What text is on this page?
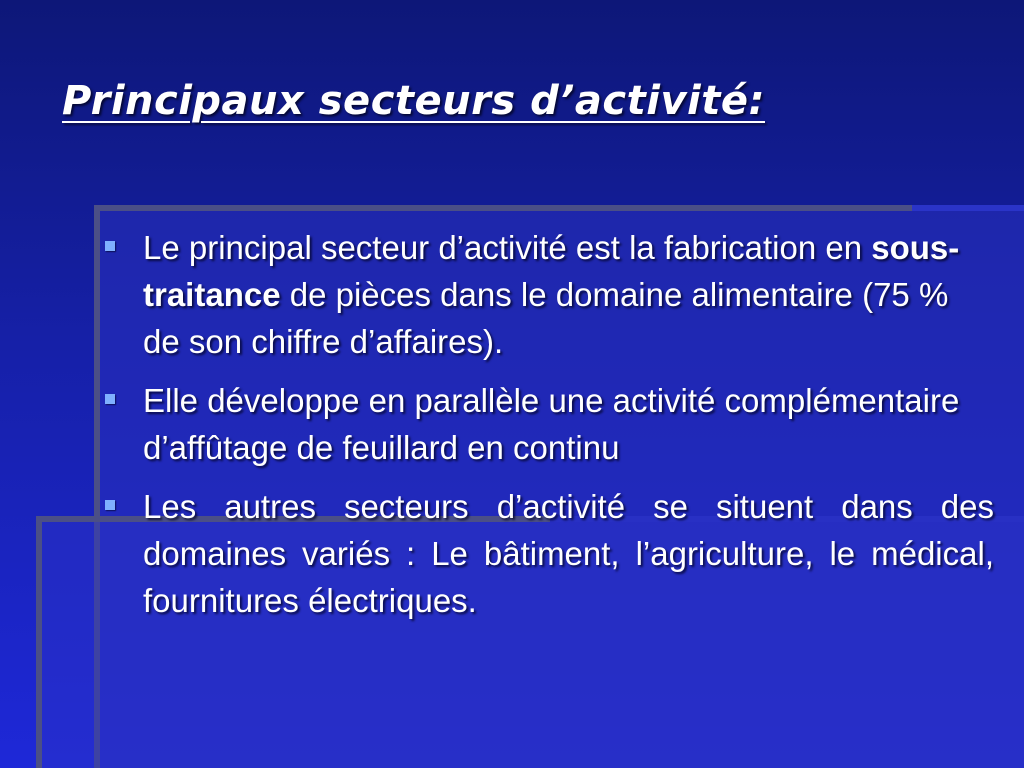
Principaux secteurs d’activité:
Le principal secteur d’activité est la fabrication en sous-traitance de pièces dans le domaine alimentaire (75 % de son chiffre d’affaires).
Elle développe en parallèle une activité complémentaire d’affûtage de feuillard en continu
Les autres secteurs d’activité se situent dans des domaines variés : Le bâtiment, l’agriculture, le médical, fournitures électriques.
